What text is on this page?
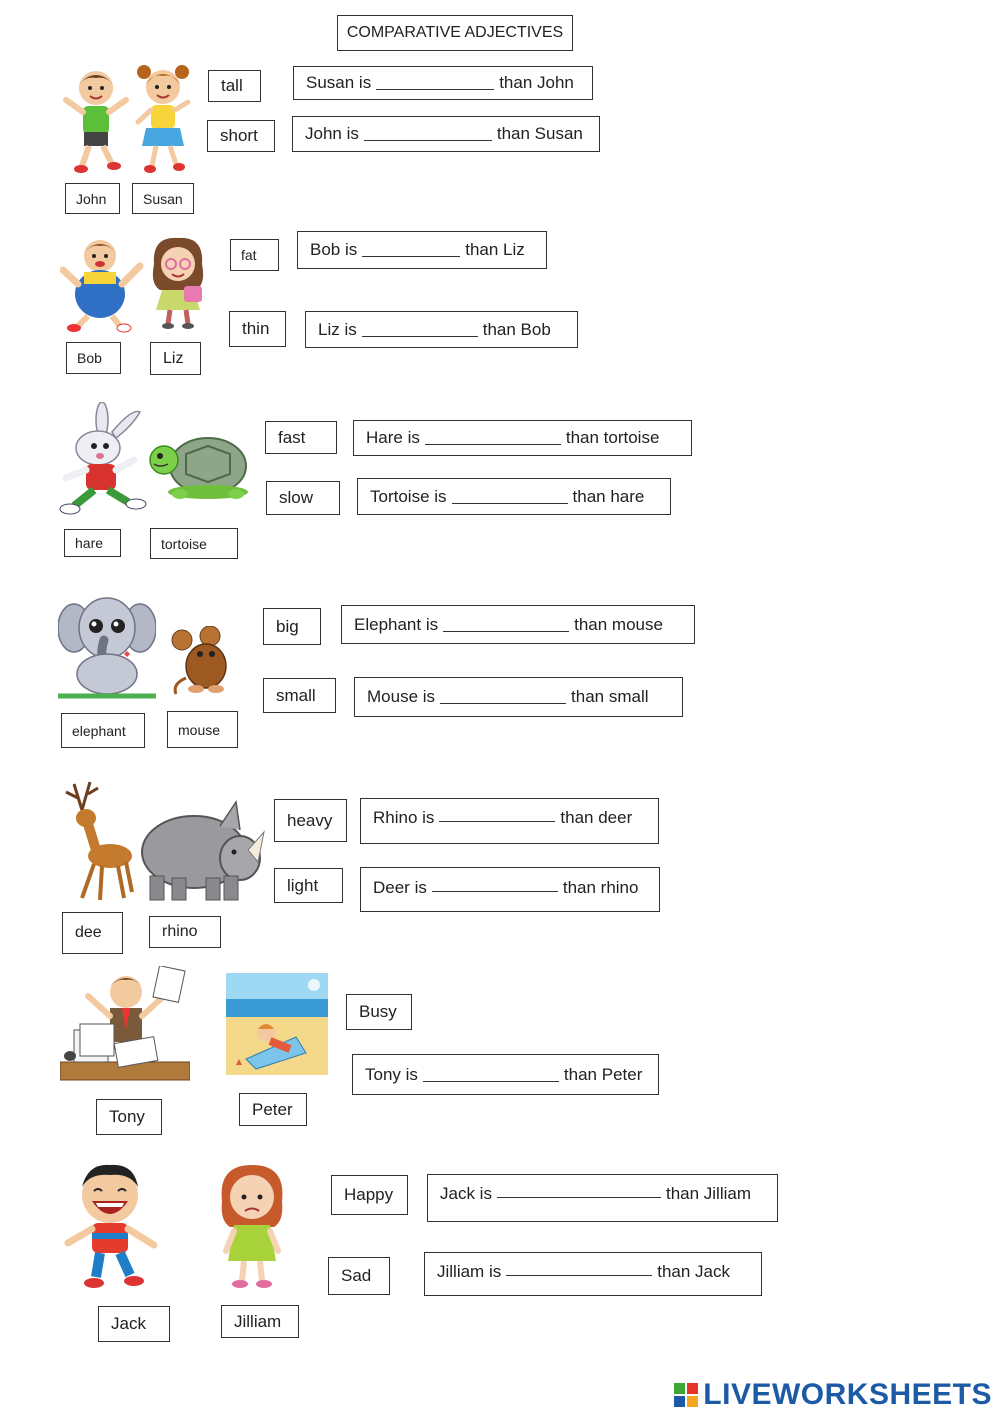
COMPARATIVE ADJECTIVES
John	Susan
tall
short
Susan is	than John
John is	than Susan
Bob	Liz
fat
thin
Bob is	than Liz
Liz is	than Bob
hare	tortoise
fast
slow
Hare is	than tortoise
Tortoise is	than hare
elephant	mouse
big
small
Elephant is	than mouse
Mouse is	than small
dee	rhino
heavy
light
Rhino is	than deer
Deer is	than rhino
Tony	Peter
Busy
Tony is	than Peter
Jack	Jilliam
Happy
Sad
Jack is	than Jilliam
Jilliam is	than Jack
LIVEWORKSHEETS
